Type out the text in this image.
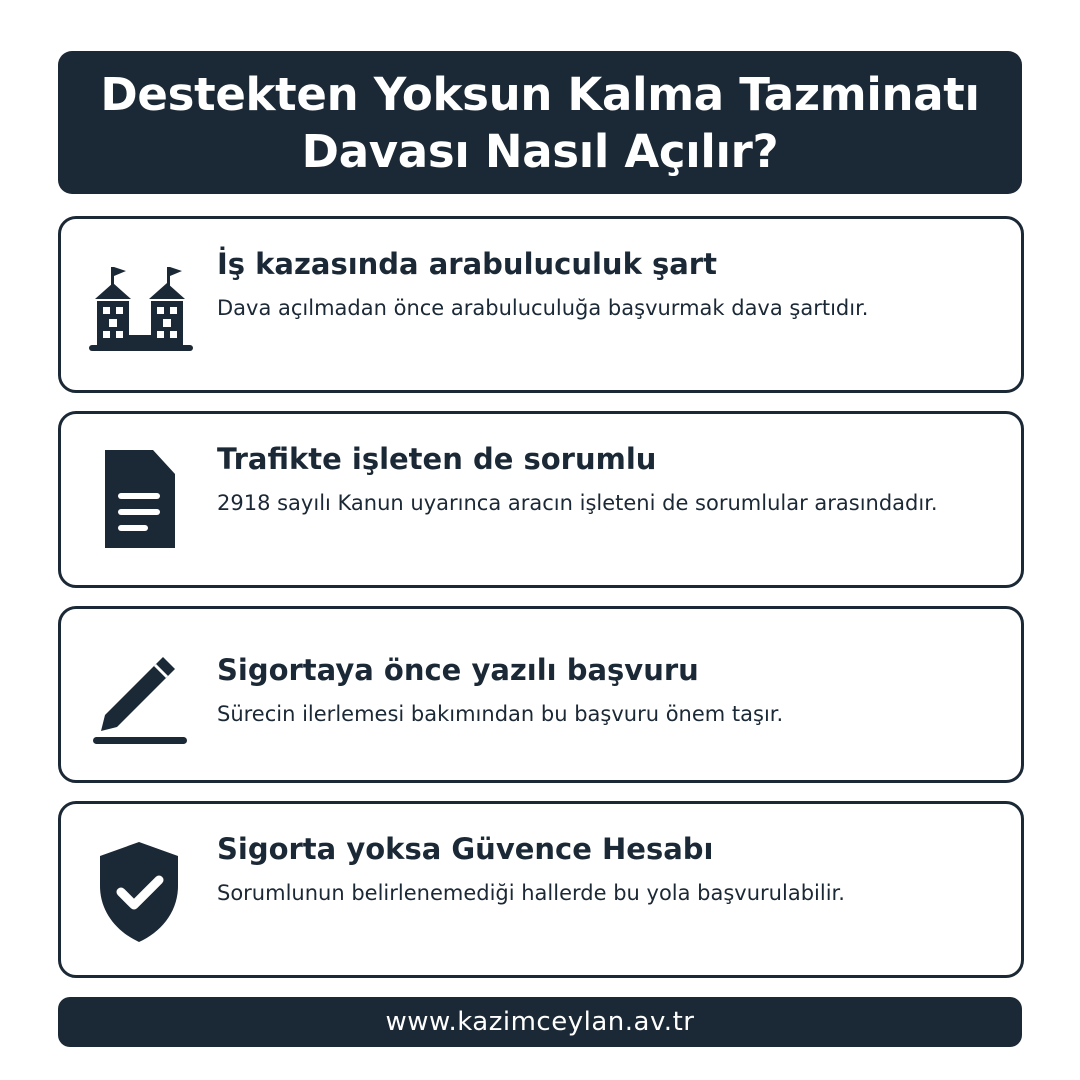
Destekten Yoksun Kalma Tazminatı
Davası Nasıl Açılır?
İş kazasında arabuluculuk şart
Dava açılmadan önce arabuluculuğa başvurmak dava şartıdır.
Trafikte işleten de sorumlu
2918 sayılı Kanun uyarınca aracın işleteni de sorumlular arasındadır.
Sigortaya önce yazılı başvuru
Sürecin ilerlemesi bakımından bu başvuru önem taşır.
Sigorta yoksa Güvence Hesabı
Sorumlunun belirlenemediği hallerde bu yola başvurulabilir.
www.kazimceylan.av.tr
